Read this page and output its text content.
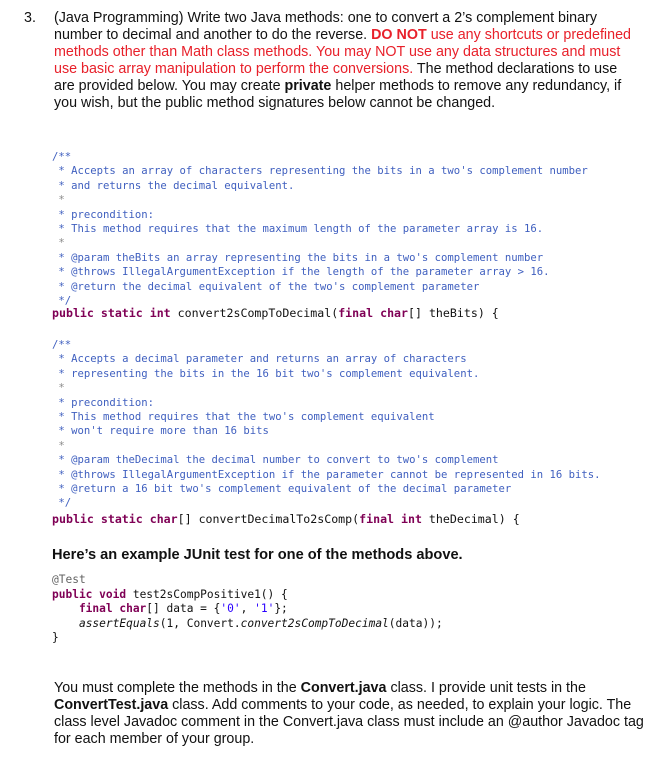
3. (Java Programming) Write two Java methods: one to convert a 2’s complement binary number to decimal and another to do the reverse. DO NOT use any shortcuts or predefined methods other than Math class methods. You may NOT use any data structures and must use basic array manipulation to perform the conversions. The method declarations to use are provided below. You may create private helper methods to remove any redundancy, if you wish, but the public method signatures below cannot be changed.
/**
* Accepts an array of characters representing the bits in a two's complement number
* and returns the decimal equivalent.
*
* precondition:
* This method requires that the maximum length of the parameter array is 16.
*
* @param theBits an array representing the bits in a two's complement number
* @throws IllegalArgumentException if the length of the parameter array > 16.
* @return the decimal equivalent of the two's complement parameter
*/
public static int convert2sCompToDecimal(final char[] theBits) {
/**
* Accepts a decimal parameter and returns an array of characters
* representing the bits in the 16 bit two's complement equivalent.
*
* precondition:
* This method requires that the two's complement equivalent
* won't require more than 16 bits
*
* @param theDecimal the decimal number to convert to two's complement
* @throws IllegalArgumentException if the parameter cannot be represented in 16 bits.
* @return a 16 bit two's complement equivalent of the decimal parameter
*/
public static char[] convertDecimalTo2sComp(final int theDecimal) {
Here’s an example JUnit test for one of the methods above.
@Test
public void test2sCompPositive1() {
final char[] data = {'0', '1'};
assertEquals(1, Convert.convert2sCompToDecimal(data));
}
You must complete the methods in the Convert.java class. I provide unit tests in the ConvertTest.java class. Add comments to your code, as needed, to explain your logic. The class level Javadoc comment in the Convert.java class must include an @author Javadoc tag for each member of your group.
